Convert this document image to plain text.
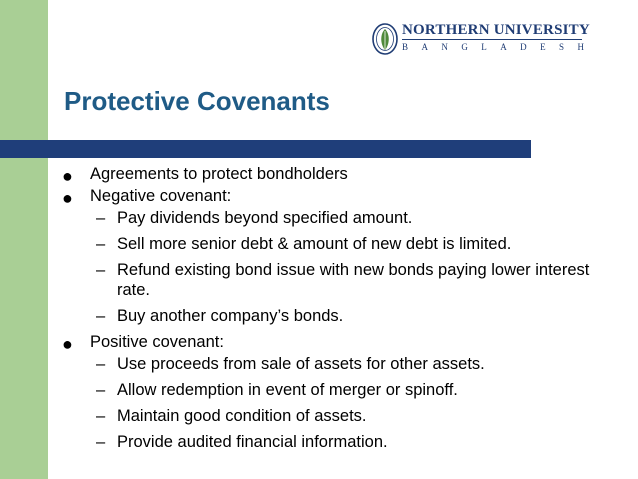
NORTHERN UNIVERSITY
B A N G L A D E S H
Protective Covenants
● Agreements to protect bondholders
● Negative covenant:
– Pay dividends beyond specified amount.
– Sell more senior debt & amount of new debt is limited.
– Refund existing bond issue with new bonds paying lower interest rate.
– Buy another company’s bonds.
● Positive covenant:
– Use proceeds from sale of assets for other assets.
– Allow redemption in event of merger or spinoff.
– Maintain good condition of assets.
– Provide audited financial information.
